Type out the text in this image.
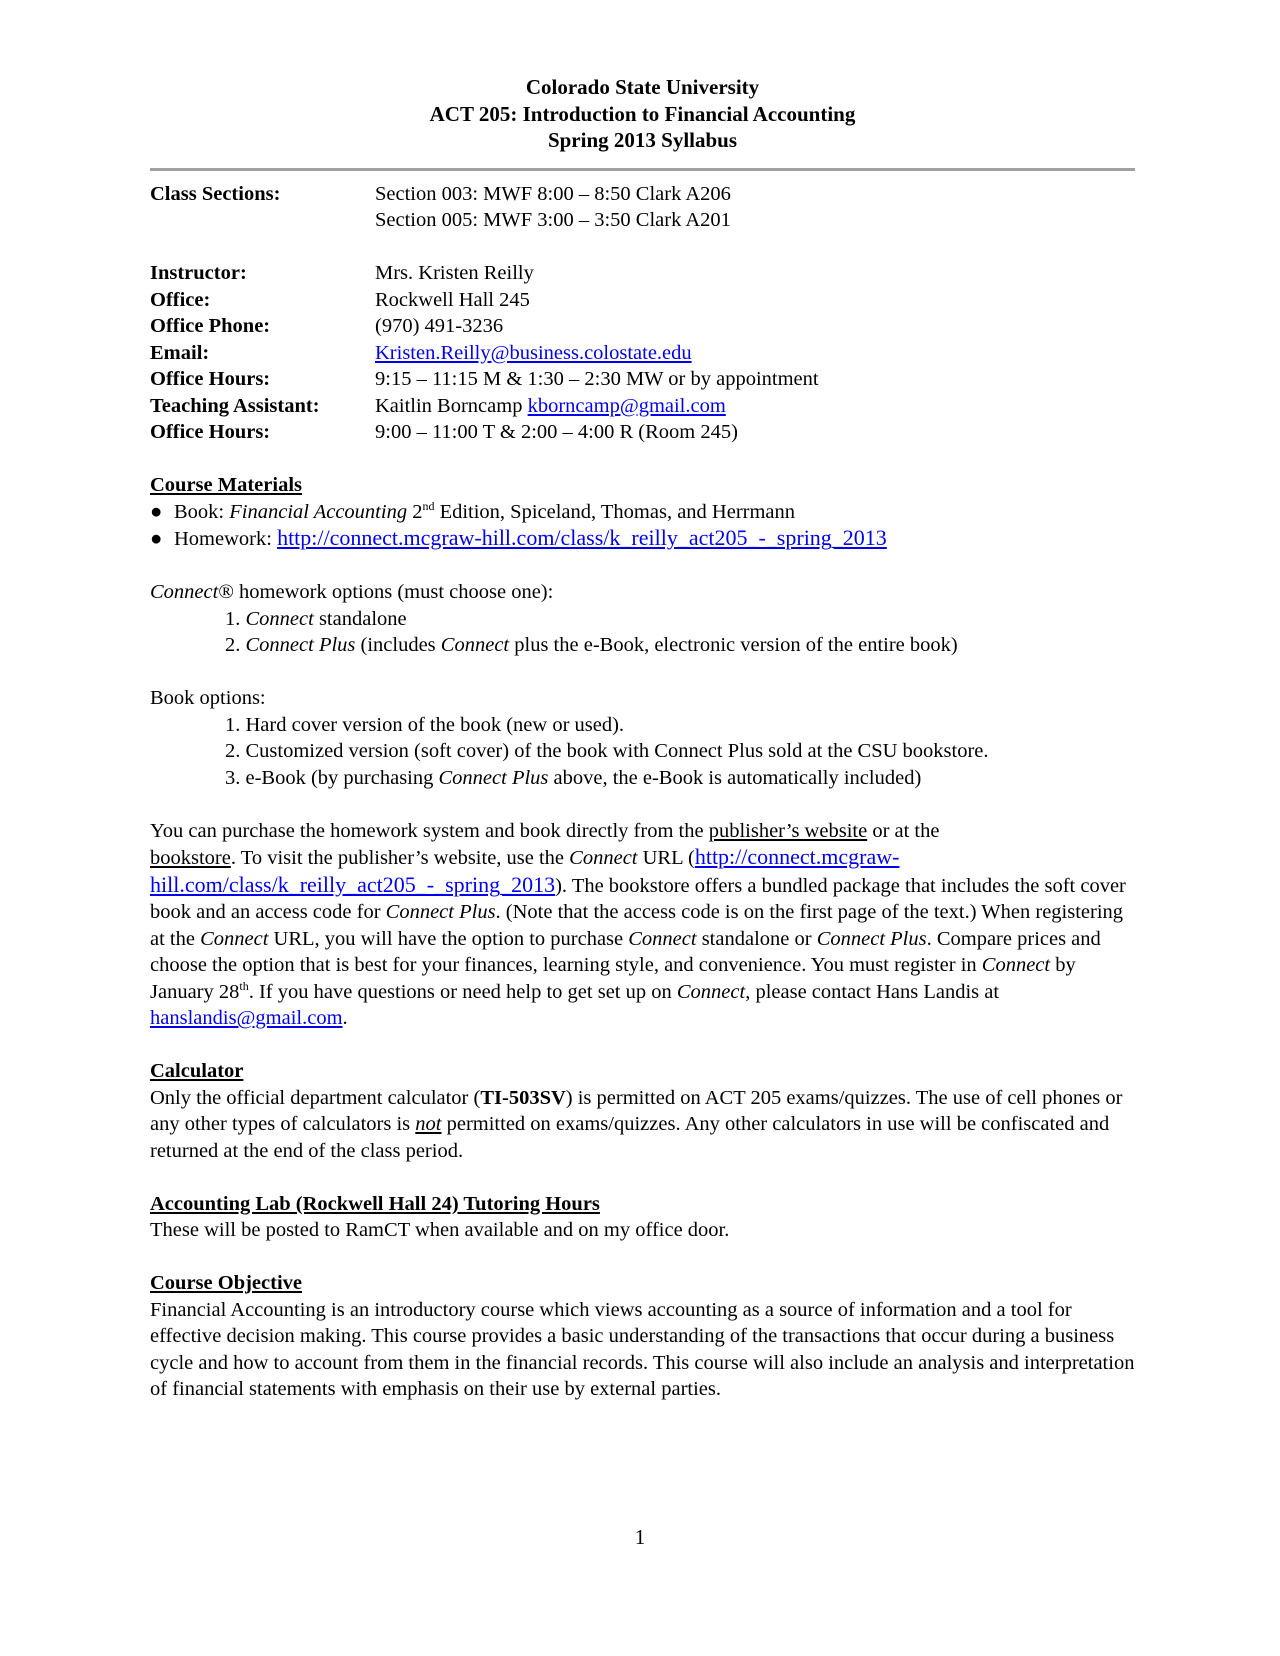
Colorado State University
ACT 205: Introduction to Financial Accounting
Spring 2013 Syllabus
Class Sections:	Section 003: MWF 8:00 – 8:50 Clark A206
Section 005: MWF 3:00 – 3:50 Clark A201
Instructor:	Mrs. Kristen Reilly
Office:	Rockwell Hall 245
Office Phone:	(970) 491-3236
Email:	Kristen.Reilly@business.colostate.edu
Office Hours:	9:15 – 11:15 M & 1:30 – 2:30 MW or by appointment
Teaching Assistant:	Kaitlin Borncamp kborncamp@gmail.com
Office Hours:	9:00 – 11:00 T & 2:00 – 4:00 R (Room 245)
Course Materials
● Book: Financial Accounting 2nd Edition, Spiceland, Thomas, and Herrmann
● Homework: http://connect.mcgraw-hill.com/class/k_reilly_act205_-_spring_2013
Connect® homework options (must choose one):
1. Connect standalone
2. Connect Plus (includes Connect plus the e-Book, electronic version of the entire book)
Book options:
1. Hard cover version of the book (new or used).
2. Customized version (soft cover) of the book with Connect Plus sold at the CSU bookstore.
3. e-Book (by purchasing Connect Plus above, the e-Book is automatically included)
You can purchase the homework system and book directly from the publisher’s website or at the
bookstore. To visit the publisher’s website, use the Connect URL (http://connect.mcgraw-
hill.com/class/k_reilly_act205_-_spring_2013). The bookstore offers a bundled package that includes the soft cover book and an access code for Connect Plus. (Note that the access code is on the first page of the text.) When registering at the Connect URL, you will have the option to purchase Connect standalone or Connect Plus. Compare prices and choose the option that is best for your finances, learning style, and convenience. You must register in Connect by January 28th. If you have questions or need help to get set up on Connect, please contact Hans Landis at hanslandis@gmail.com.
Calculator
Only the official department calculator (TI-503SV) is permitted on ACT 205 exams/quizzes. The use of cell phones or any other types of calculators is not permitted on exams/quizzes. Any other calculators in use will be confiscated and returned at the end of the class period.
Accounting Lab (Rockwell Hall 24) Tutoring Hours
These will be posted to RamCT when available and on my office door.
Course Objective
Financial Accounting is an introductory course which views accounting as a source of information and a tool for effective decision making. This course provides a basic understanding of the transactions that occur during a business cycle and how to account from them in the financial records. This course will also include an analysis and interpretation of financial statements with emphasis on their use by external parties.
1
